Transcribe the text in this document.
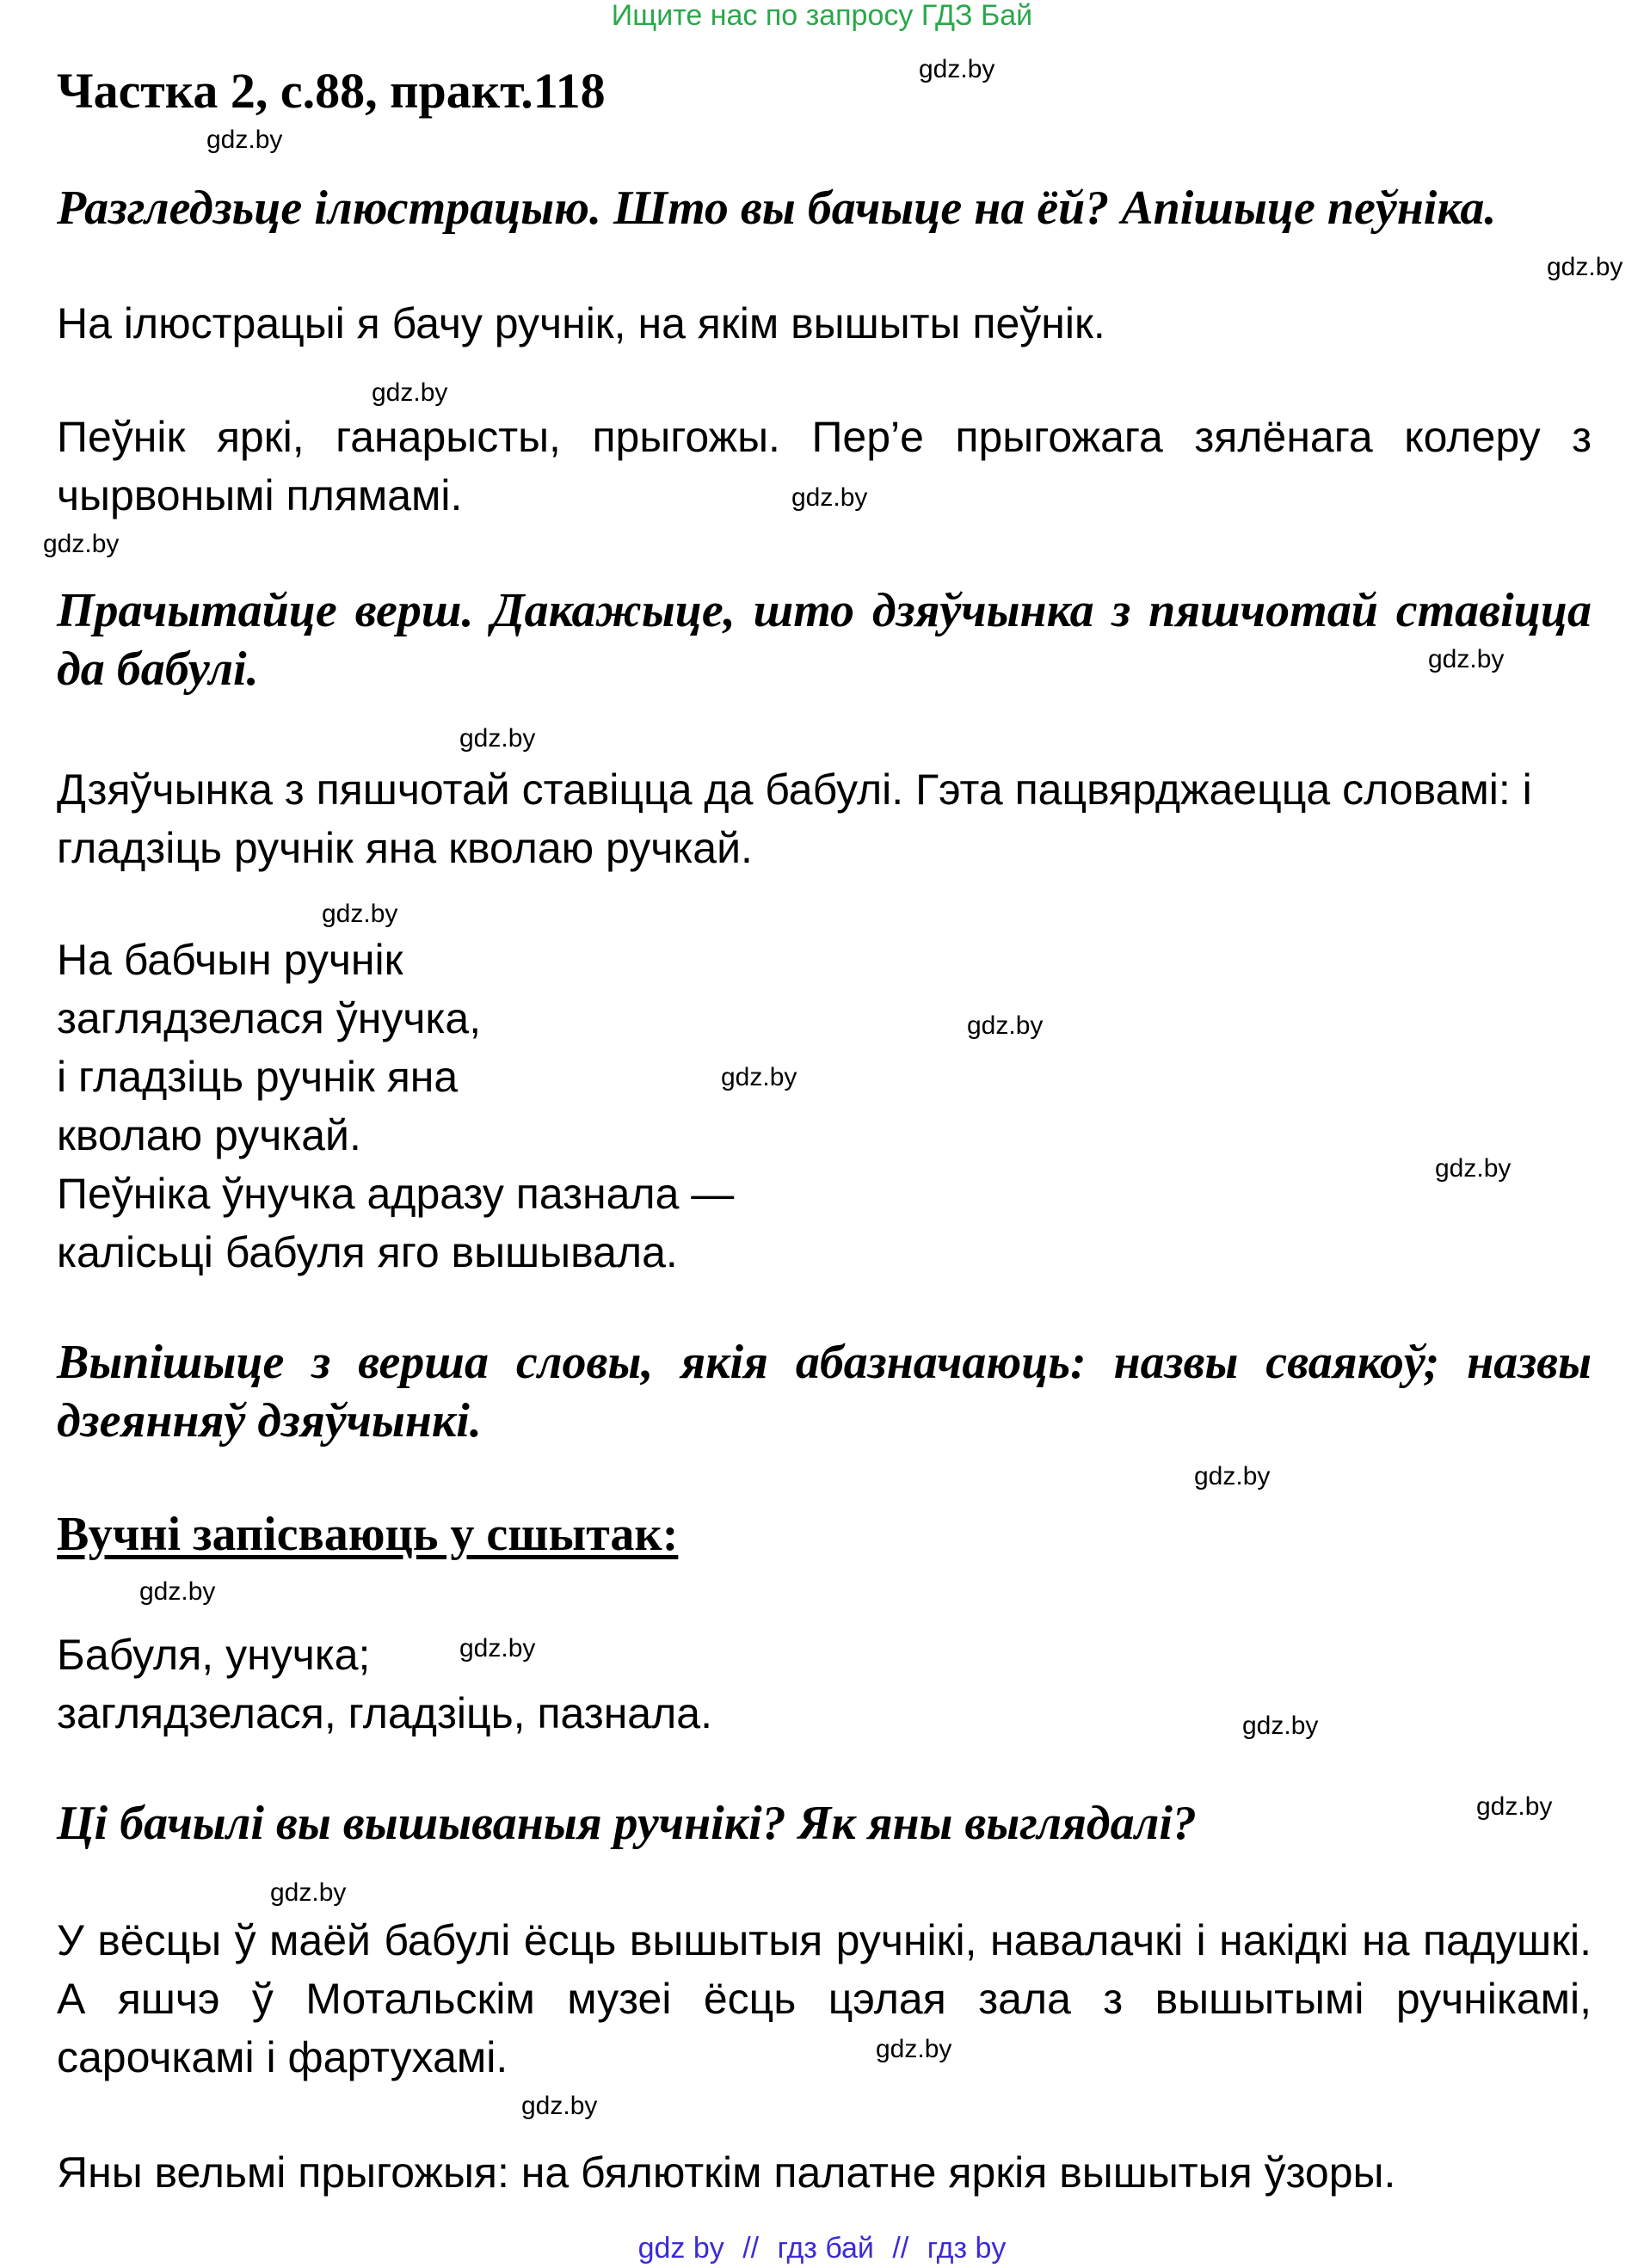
Ищите нас по запросу ГДЗ Бай
Частка 2, с.88, практ.118
Разгледзьце ілюстрацыю. Што вы бачыце на ёй? Апішыце пеўніка.
На ілюстрацыі я бачу ручнік, на якім вышыты пеўнік.
Пеўнік яркі, ганарысты, прыгожы. Пер’е прыгожага зялёнага колеру з чырвонымі плямамі.
Прачытайце верш. Дакажыце, што дзяўчынка з пяшчотай ставіцца да бабулі.
Дзяўчынка з пяшчотай ставіцца да бабулі. Гэта пацвярджаецца словамі: і гладзіць ручнік яна кволаю ручкай.
На бабчын ручнік
заглядзелася ўнучка,
і гладзіць ручнік яна
кволаю ручкай.
Пеўніка ўнучка адразу пазнала —
калісьці бабуля яго вышывала.
Выпішыце з верша словы, якія абазначаюць: назвы сваякоў; назвы дзеянняў дзяўчынкі.
Вучні запісваюць у сшытак:
Бабуля, унучка;
заглядзелася, гладзіць, пазнала.
Ці бачылі вы вышываныя ручнікі? Як яны выглядалі?
У вёсцы ў маёй бабулі ёсць вышытыя ручнікі, навалачкі і накідкі на падушкі. А яшчэ ў Мотальскім музеі ёсць цэлая зала з вышытымі ручнікамі, сарочкамі і фартухамі.
Яны вельмі прыгожыя: на бялюткім палатне яркія вышытыя ўзоры.
gdz.by
gdz.by
gdz.by
gdz.by
gdz.by
gdz.by
gdz.by
gdz.by
gdz.by
gdz.by
gdz.by
gdz.by
gdz.by
gdz.by
gdz.by
gdz.by
gdz.by
gdz.by
gdz.by
gdz.by
gdz by // гдз бай // гдз by
